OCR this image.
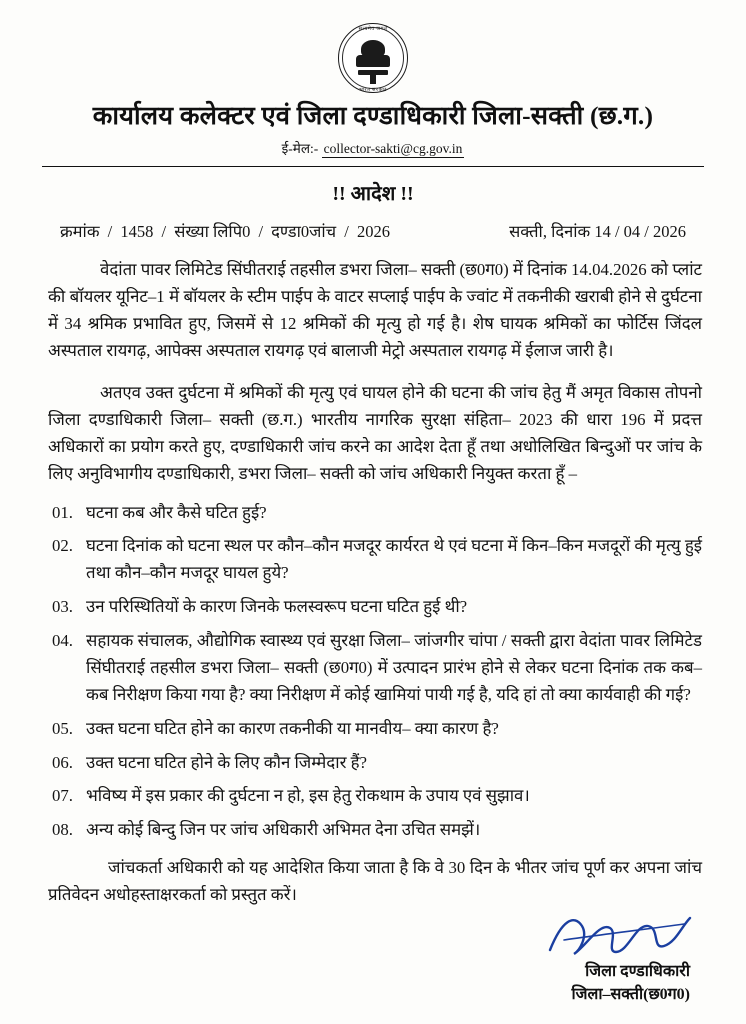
सत्यमेव जयते
भारत सरकार
कार्यालय कलेक्टर एवं जिला दण्डाधिकारी जिला-सक्ती (छ.ग.)
ई-मेल:- collector-sakti@cg.gov.in
!! आदेश !!
क्रमांक / 1458 / संख्या लिपि0 / दण्डा0जांच / 2026	सक्ती, दिनांक 14 / 04 / 2026
वेदांता पावर लिमिटेड सिंघीतराई तहसील डभरा जिला– सक्ती (छ0ग0) में दिनांक 14.04.2026 को प्लांट की बॉयलर यूनिट–1 में बॉयलर के स्टीम पाईप के वाटर सप्लाई पाईप के ज्वांट में तकनीकी खराबी होने से दुर्घटना में 34 श्रमिक प्रभावित हुए, जिसमें से 12 श्रमिकों की मृत्यु हो गई है। शेष घायक श्रमिकों का फोर्टिस जिंदल अस्पताल रायगढ़, आपेक्स अस्पताल रायगढ़ एवं बालाजी मेट्रो अस्पताल रायगढ़ में ईलाज जारी है।
अतएव उक्त दुर्घटना में श्रमिकों की मृत्यु एवं घायल होने की घटना की जांच हेतु मैं अमृत विकास तोपनो जिला दण्डाधिकारी जिला– सक्ती (छ.ग.) भारतीय नागरिक सुरक्षा संहिता– 2023 की धारा 196 में प्रदत्त अधिकारों का प्रयोग करते हुए, दण्डाधिकारी जांच करने का आदेश देता हूँ तथा अधोलिखित बिन्दुओं पर जांच के लिए अनुविभागीय दण्डाधिकारी, डभरा जिला– सक्ती को जांच अधिकारी नियुक्त करता हूँ –
01. घटना कब और कैसे घटित हुई?
02. घटना दिनांक को घटना स्थल पर कौन–कौन मजदूर कार्यरत थे एवं घटना में किन–किन मजदूरों की मृत्यु हुई तथा कौन–कौन मजदूर घायल हुये?
03. उन परिस्थितियों के कारण जिनके फलस्वरूप घटना घटित हुई थी?
04. सहायक संचालक, औद्योगिक स्वास्थ्य एवं सुरक्षा जिला– जांजगीर चांपा / सक्ती द्वारा वेदांता पावर लिमिटेड सिंघीतराई तहसील डभरा जिला– सक्ती (छ0ग0) में उत्पादन प्रारंभ होने से लेकर घटना दिनांक तक कब–कब निरीक्षण किया गया है? क्या निरीक्षण में कोई खामियां पायी गई है, यदि हां तो क्या कार्यवाही की गई?
05. उक्त घटना घटित होने का कारण तकनीकी या मानवीय– क्या कारण है?
06. उक्त घटना घटित होने के लिए कौन जिम्मेदार हैं?
07. भविष्य में इस प्रकार की दुर्घटना न हो, इस हेतु रोकथाम के उपाय एवं सुझाव।
08. अन्य कोई बिन्दु जिन पर जांच अधिकारी अभिमत देना उचित समझें।
जांचकर्ता अधिकारी को यह आदेशित किया जाता है कि वे 30 दिन के भीतर जांच पूर्ण कर अपना जांच प्रतिवेदन अधोहस्ताक्षरकर्ता को प्रस्तुत करें।
जिला दण्डाधिकारी
जिला–सक्ती(छ0ग0)
